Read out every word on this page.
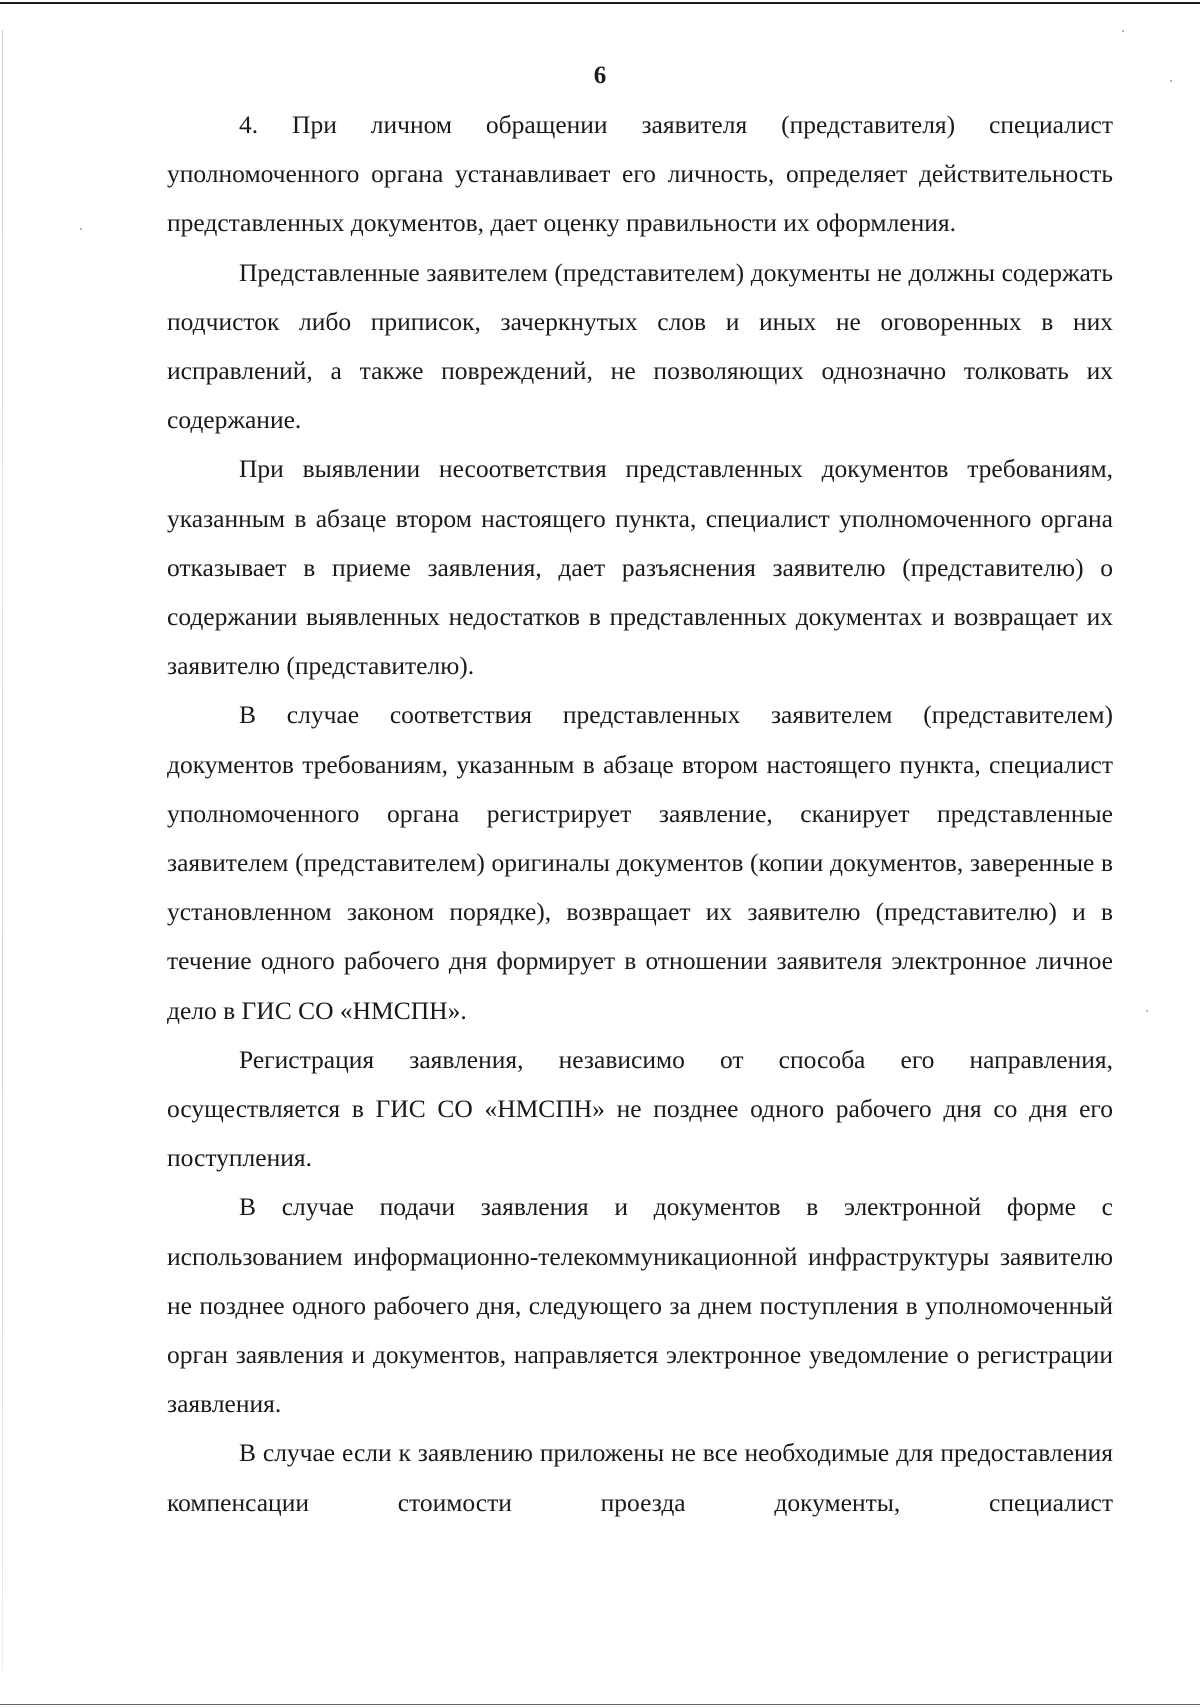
6

4. При личном обращении заявителя (представителя) специалист уполномоченного органа устанавливает его личность, определяет действительность представленных документов, дает оценку правильности их оформления.

Представленные заявителем (представителем) документы не должны содержать подчисток либо приписок, зачеркнутых слов и иных не оговоренных в них исправлений, а также повреждений, не позволяющих однозначно толковать их содержание.

При выявлении несоответствия представленных документов требованиям, указанным в абзаце втором настоящего пункта, специалист уполномоченного органа отказывает в приеме заявления, дает разъяснения заявителю (представителю) о содержании выявленных недостатков в представленных документах и возвращает их заявителю (представителю).

В случае соответствия представленных заявителем (представителем) документов требованиям, указанным в абзаце втором настоящего пункта, специалист уполномоченного органа регистрирует заявление, сканирует представленные заявителем (представителем) оригиналы документов (копии документов, заверенные в установленном законом порядке), возвращает их заявителю (представителю) и в течение одного рабочего дня формирует в отношении заявителя электронное личное дело в ГИС СО «НМСПН».

Регистрация заявления, независимо от способа его направления, осуществляется в ГИС СО «НМСПН» не позднее одного рабочего дня со дня его поступления.

В случае подачи заявления и документов в электронной форме с использованием информационно-телекоммуникационной инфраструктуры заявителю не позднее одного рабочего дня, следующего за днем поступления в уполномоченный орган заявления и документов, направляется электронное уведомление о регистрации заявления.

В случае если к заявлению приложены не все необходимые для предоставления компенсации стоимости проезда документы, специалист
